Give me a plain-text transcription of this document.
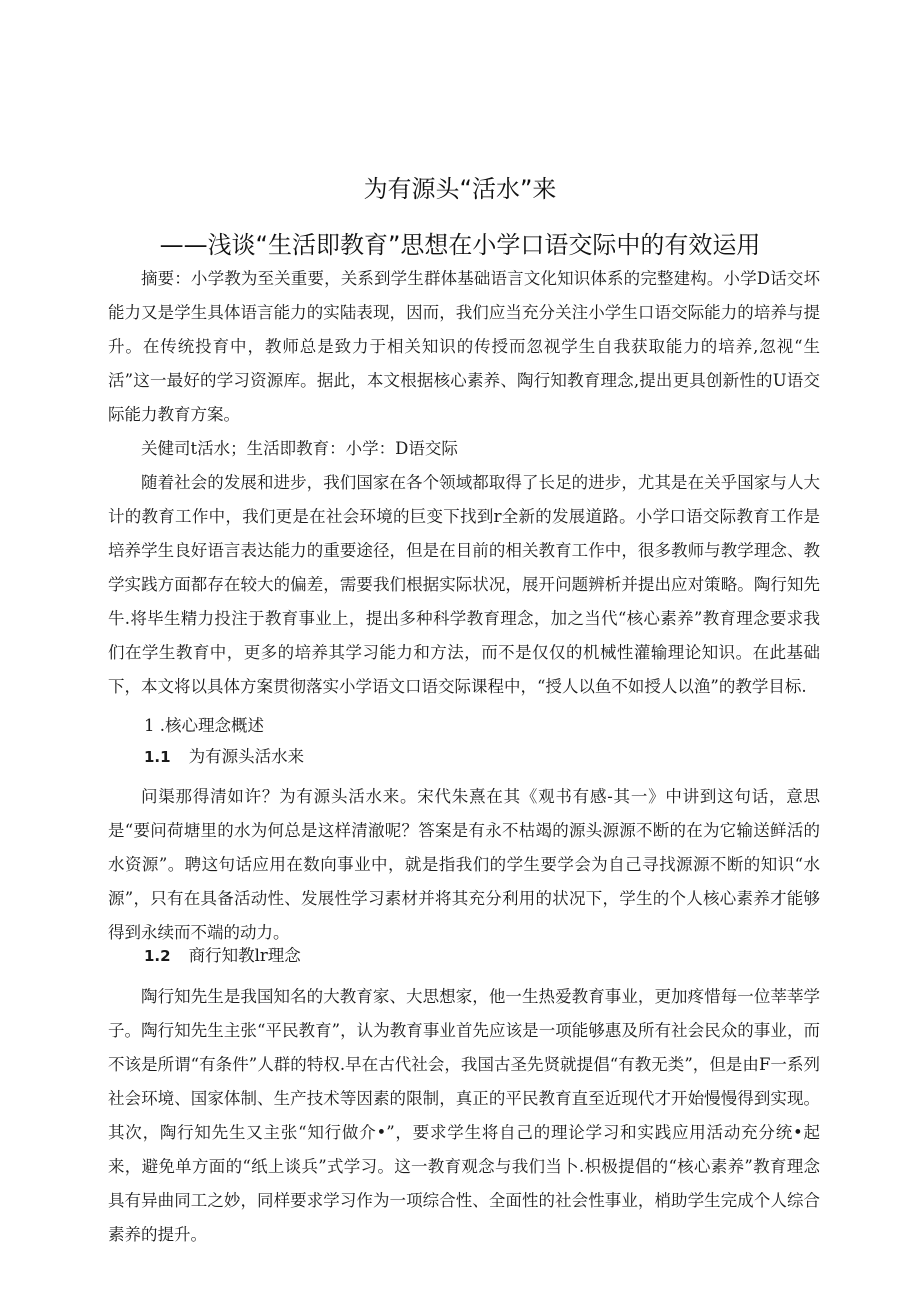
为有源头“活水”来
——浅谈“生活即教育”思想在小学口语交际中的有效运用

摘要：小学教为至关重要，关系到学生群体基础语言文化知识体系的完整建构。小学D话交坏能力又是学生具体语言能力的实陆表现，因而，我们应当充分关注小学生口语交际能力的培养与提升。在传统投育中，教师总是致力于相关知识的传授而忽视学生自我获取能力的培养,忽视“生活”这一最好的学习资源库。据此，本文根据核心素养、陶行知教育理念,提出更具创新性的U语交际能力教育方案。

关健司t活水；生活即教育：小学：D语交际

随着社会的发展和进步，我们国家在各个领域都取得了长足的进步，尤其是在关乎国家与人大计的教育工作中，我们更是在社会环境的巨变下找到r全新的发展道路。小学口语交际教育工作是培养学生良好语言表达能力的重要途径，但是在目前的相关教育工作中，很多教师与教学理念、教学实践方面都存在较大的偏差，需要我们根据实际状况，展开问题辨析并提出应对策略。陶行知先牛.将毕生精力投注于教育事业上，提出多种科学教育理念，加之当代“核心素养”教育理念要求我们在学生教育中，更多的培养其学习能力和方法，而不是仅仅的机械性灌输理论知识。在此基础下，本文将以具体方案贯彻落实小学语文口语交际课程中，“授人以鱼不如授人以渔”的教学目标.

1 .核心理念概述
1.1 为有源头活水来

问渠那得清如许？为有源头活水来。宋代朱熹在其《观书有感-其一》中讲到这句话，意思是“要问荷塘里的水为何总是这样清澈呢？答案是有永不枯竭的源头源源不断的在为它输送鲜活的水资源”。聘这句话应用在数向事业中，就是指我们的学生要学会为自己寻找源源不断的知识“水源”，只有在具备活动性、发展性学习素材并将其充分利用的状况下，学生的个人核心素养才能够得到永续而不端的动力。

1.2 商行知教lr理念

陶行知先生是我国知名的大教育家、大思想家，他一生热爱教育事业，更加疼惜每一位莘莘学子。陶行知先生主张“平民教育”，认为教育事业首先应该是一项能够惠及所有社会民众的事业，而不该是所谓“有条件”人群的特权.早在古代社会，我国古圣先贤就提倡“有教无类”，但是由F一系列社会环境、国家体制、生产技术等因素的限制，真正的平民教育直至近现代才开始慢慢得到实现。其次，陶行知先生又主张“知行做介•”，要求学生将自己的理论学习和实践应用活动充分统•起来，避免单方面的“纸上谈兵”式学习。这一教育观念与我们当卜.枳极提倡的“核心素养”教育理念具有异曲同工之妙，同样要求学习作为一项综合性、全面性的社会性事业，梢助学生完成个人综合素养的提升。
